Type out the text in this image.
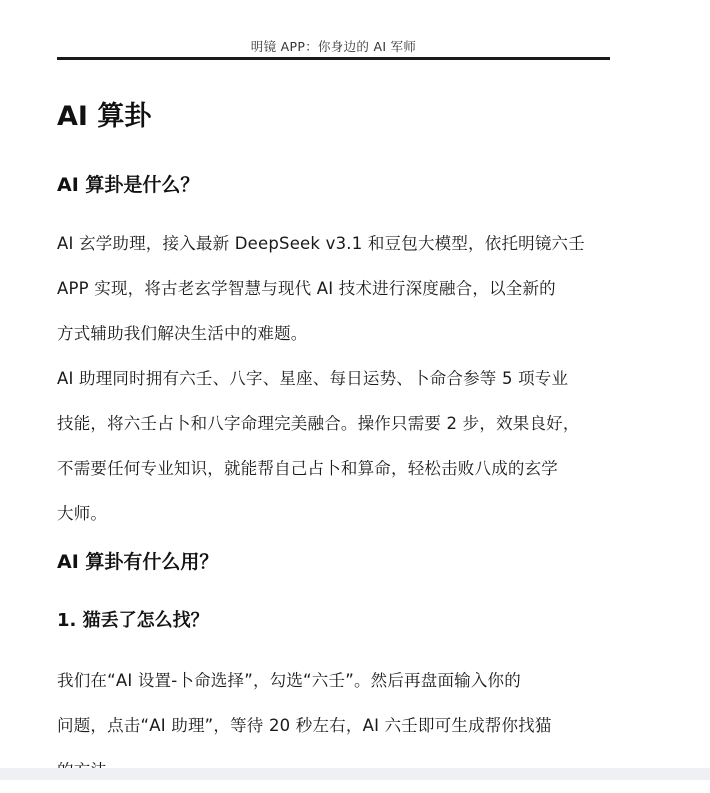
明镜 APP：你身边的 AI 军师
AI 算卦
AI 算卦是什么？

AI 玄学助理，接入最新 DeepSeek v3.1 和豆包大模型，依托明镜六壬
APP 实现，将古老玄学智慧与现代 AI 技术进行深度融合，以全新的
方式辅助我们解决生活中的难题。

AI 助理同时拥有六壬、八字、星座、每日运势、卜命合参等 5 项专业
技能，将六壬占卜和八字命理完美融合。操作只需要 2 步，效果良好，
不需要任何专业知识，就能帮自己占卜和算命，轻松击败八成的玄学
大师。

AI 算卦有什么用？
1. 猫丢了怎么找？

我们在“AI 设置-卜命选择”，勾选“六壬”。然后再盘面输入你的
问题，点击“AI 助理”，等待 20 秒左右，AI 六壬即可生成帮你找猫
